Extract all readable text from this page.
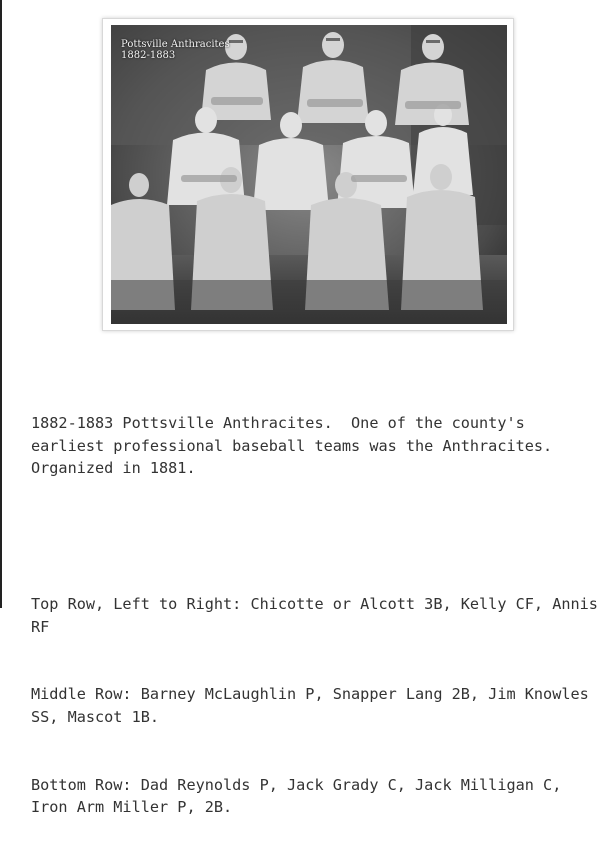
Pottsville Anthracites
1882-1883

1882-1883 Pottsville Anthracites.  One of the county's earliest professional baseball teams was the Anthracites.  Organized in 1881.

Top Row, Left to Right: Chicotte or Alcott 3B, Kelly CF, Annis RF

Middle Row: Barney McLaughlin P, Snapper Lang 2B, Jim Knowles SS, Mascot 1B.

Bottom Row: Dad Reynolds P, Jack Grady C, Jack Milligan C, Iron Arm Miller P, 2B.
